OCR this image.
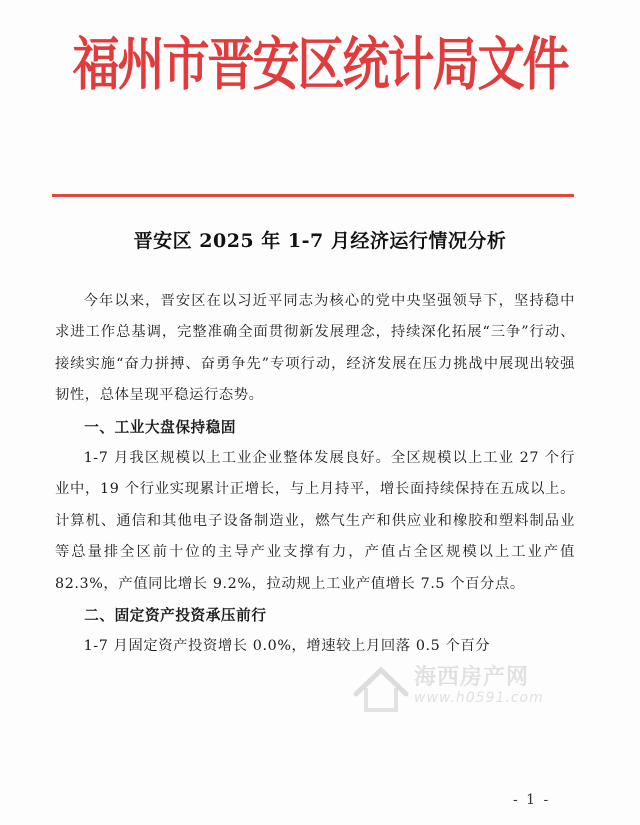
福州市晋安区统计局文件
晋安区 2025 年 1-7 月经济运行情况分析

今年以来，晋安区在以习近平同志为核心的党中央坚强领导下，坚持稳中求进工作总基调，完整准确全面贯彻新发展理念，持续深化拓展“三争”行动、接续实施“奋力拼搏、奋勇争先”专项行动，经济发展在压力挑战中展现出较强韧性，总体呈现平稳运行态势。

一、工业大盘保持稳固

1-7 月我区规模以上工业企业整体发展良好。全区规模以上工业 27 个行业中，19 个行业实现累计正增长，与上月持平，增长面持续保持在五成以上。计算机、通信和其他电子设备制造业，燃气生产和供应业和橡胶和塑料制品业等总量排全区前十位的主导产业支撑有力，产值占全区规模以上工业产值 82.3%，产值同比增长 9.2%，拉动规上工业产值增长 7.5 个百分点。

二、固定资产投资承压前行

1-7 月固定资产投资增长 0.0%，增速较上月回落 0.5 个百分

海西房产网
www.h0591.com
- 1 -
